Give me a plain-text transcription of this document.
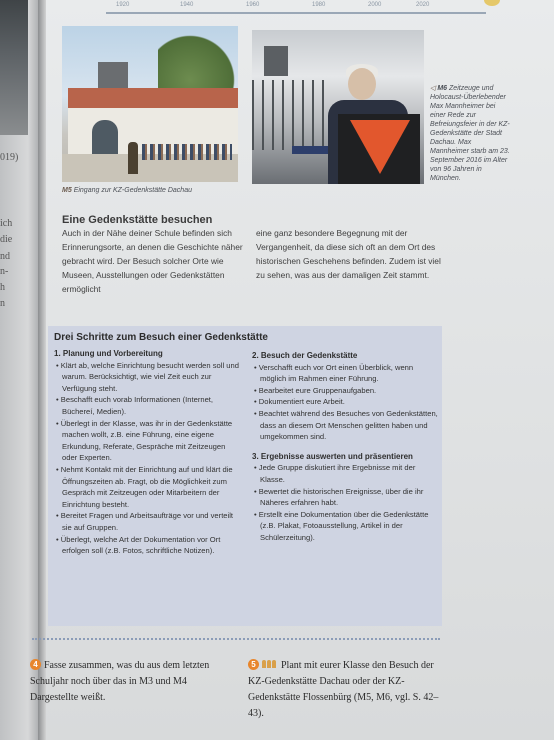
019)
ich
die
nd
n-
h
n
1920	1940	1960	1980	2000	2020
M5 Eingang zur KZ-Gedenkstätte Dachau
◁ M6 Zeitzeuge und Holocaust-Überlebender Max Mannheimer bei einer Rede zur Befreiungsfeier in der KZ-Gedenkstätte der Stadt Dachau. Max Mannheimer starb am 23. September 2016 im Alter von 96 Jahren in München.
Eine Gedenkstätte besuchen
Auch in der Nähe deiner Schule befinden sich Erinnerungsorte, an denen die Geschichte näher gebracht wird. Der Besuch solcher Orte wie Museen, Ausstellungen oder Gedenkstätten ermöglicht
eine ganz besondere Begegnung mit der Vergangenheit, da diese sich oft an dem Ort des historischen Geschehens befinden. Zudem ist viel zu sehen, was aus der damaligen Zeit stammt.
Drei Schritte zum Besuch einer Gedenkstätte
1. Planung und Vorbereitung
• Klärt ab, welche Einrichtung besucht werden soll und warum. Berücksichtigt, wie viel Zeit euch zur Verfügung steht.
• Beschafft euch vorab Informationen (Internet, Büchereí, Medien).
• Überlegt in der Klasse, was ihr in der Gedenkstätte machen wollt, z.B. eine Führung, eine eigene Erkundung, Referate, Gespräche mit Zeitzeugen oder Experten.
• Nehmt Kontakt mit der Einrichtung auf und klärt die Öffnungszeiten ab. Fragt, ob die Möglichkeit zum Gespräch mit Zeitzeugen oder Mitarbeitern der Einrichtung besteht.
• Bereitet Fragen und Arbeitsaufträge vor und verteilt sie auf Gruppen.
• Überlegt, welche Art der Dokumentation vor Ort erfolgen soll (z.B. Fotos, schriftliche Notizen).
2. Besuch der Gedenkstätte
• Verschafft euch vor Ort einen Überblick, wenn möglich im Rahmen einer Führung.
• Bearbeitet eure Gruppenaufgaben.
• Dokumentiert eure Arbeit.
• Beachtet während des Besuches von Gedenkstätten, dass an diesem Ort Menschen gelitten haben und umgekommen sind.
3. Ergebnisse auswerten und präsentieren
• Jede Gruppe diskutiert ihre Ergebnisse mit der Klasse.
• Bewertet die historischen Ereignisse, über die ihr Näheres erfahren habt.
• Erstellt eine Dokumentation über die Gedenkstätte (z.B. Plakat, Fotoausstellung, Artikel in der Schülerzeitung).
4 Fasse zusammen, was du aus dem letzten Schuljahr noch über das in M3 und M4 Dargestellte weißt.
5	Plant mit eurer Klasse den Besuch der KZ-Gedenkstätte Dachau oder der KZ-Gedenkstätte Flossenbürg (M5, M6, vgl. S. 42–43).
